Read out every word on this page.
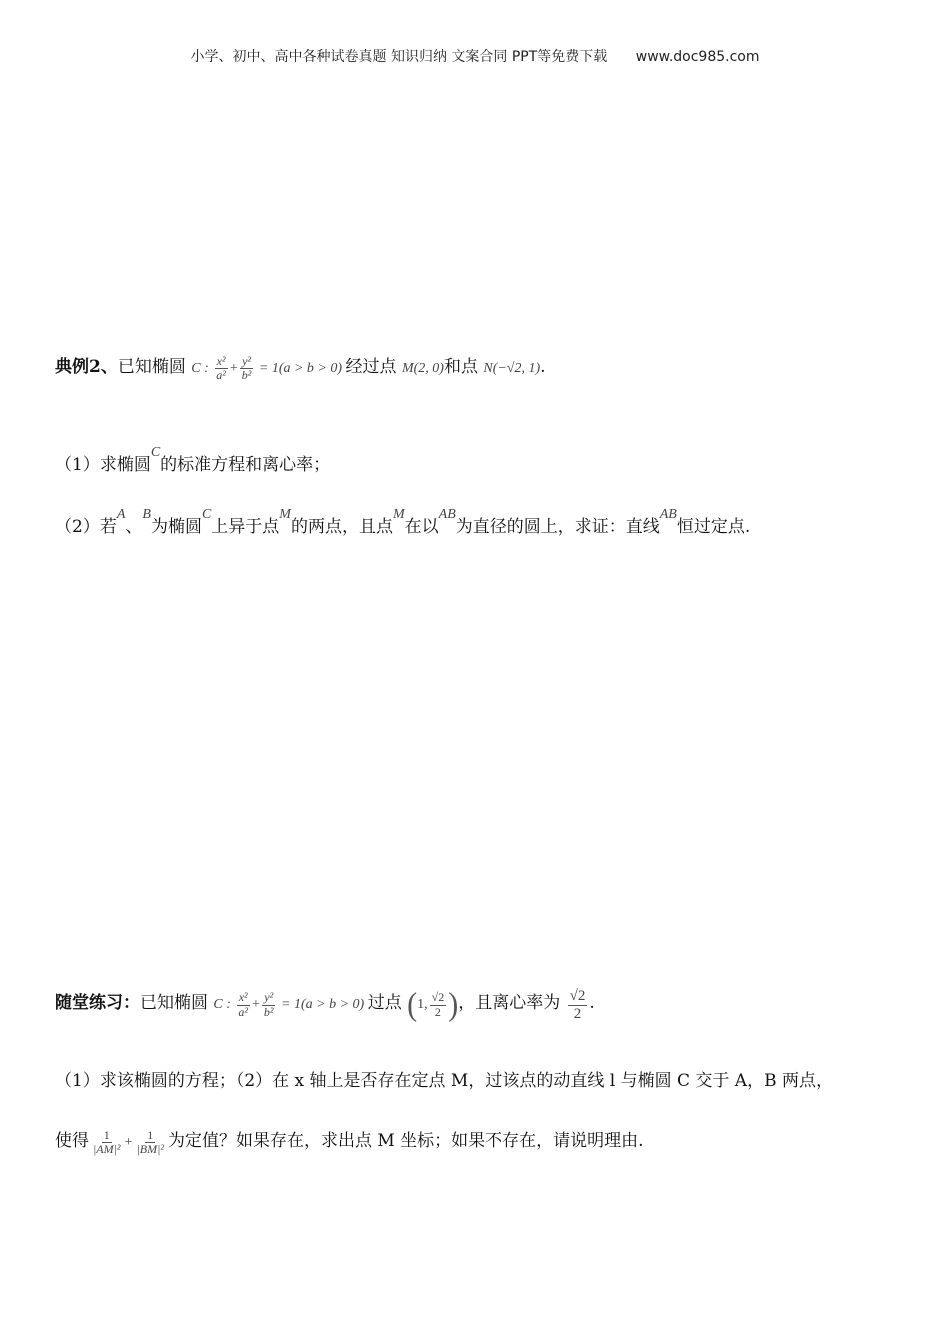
小学、初中、高中各种试卷真题 知识归纳 文案合同 PPT等免费下载 www.doc985.com
典例2、已知椭圆 C : $\frac{\text{x²}}{\text{a²}} + \frac{\text{y²}}{\text{b²}} = 1(a > b > 0)$ 经过点 M(2, 0)和点 N(−√2, 1).
（1）求椭圆$^C$的标准方程和离心率；
（2）若$^A$、$^B$为椭圆$^C$上异于点$^M$的两点，且点$^M$在以$^{AB}$为直径的圆上，求证：直线$^{AB}$恒过定点.
随堂练习：已知椭圆 C : $\frac{\text{x²}}{\text{a²}} + \frac{\text{y²}}{\text{b²}} = 1(a > b > 0)$ 过点 (1, $\frac{√2}{2}$ )，且离心率为 $\frac{√2}{2}$ .
（1）求该椭圆的方程；（2）在 x 轴上是否存在定点 M，过该点的动直线 l 与椭圆 C 交于 A，B 两点，
使得 $\frac{1}{\text{|AM|²}} + \frac{1}{\text{|BM|²}}$ 为定值？如果存在，求出点 M 坐标；如果不存在，请说明理由.
